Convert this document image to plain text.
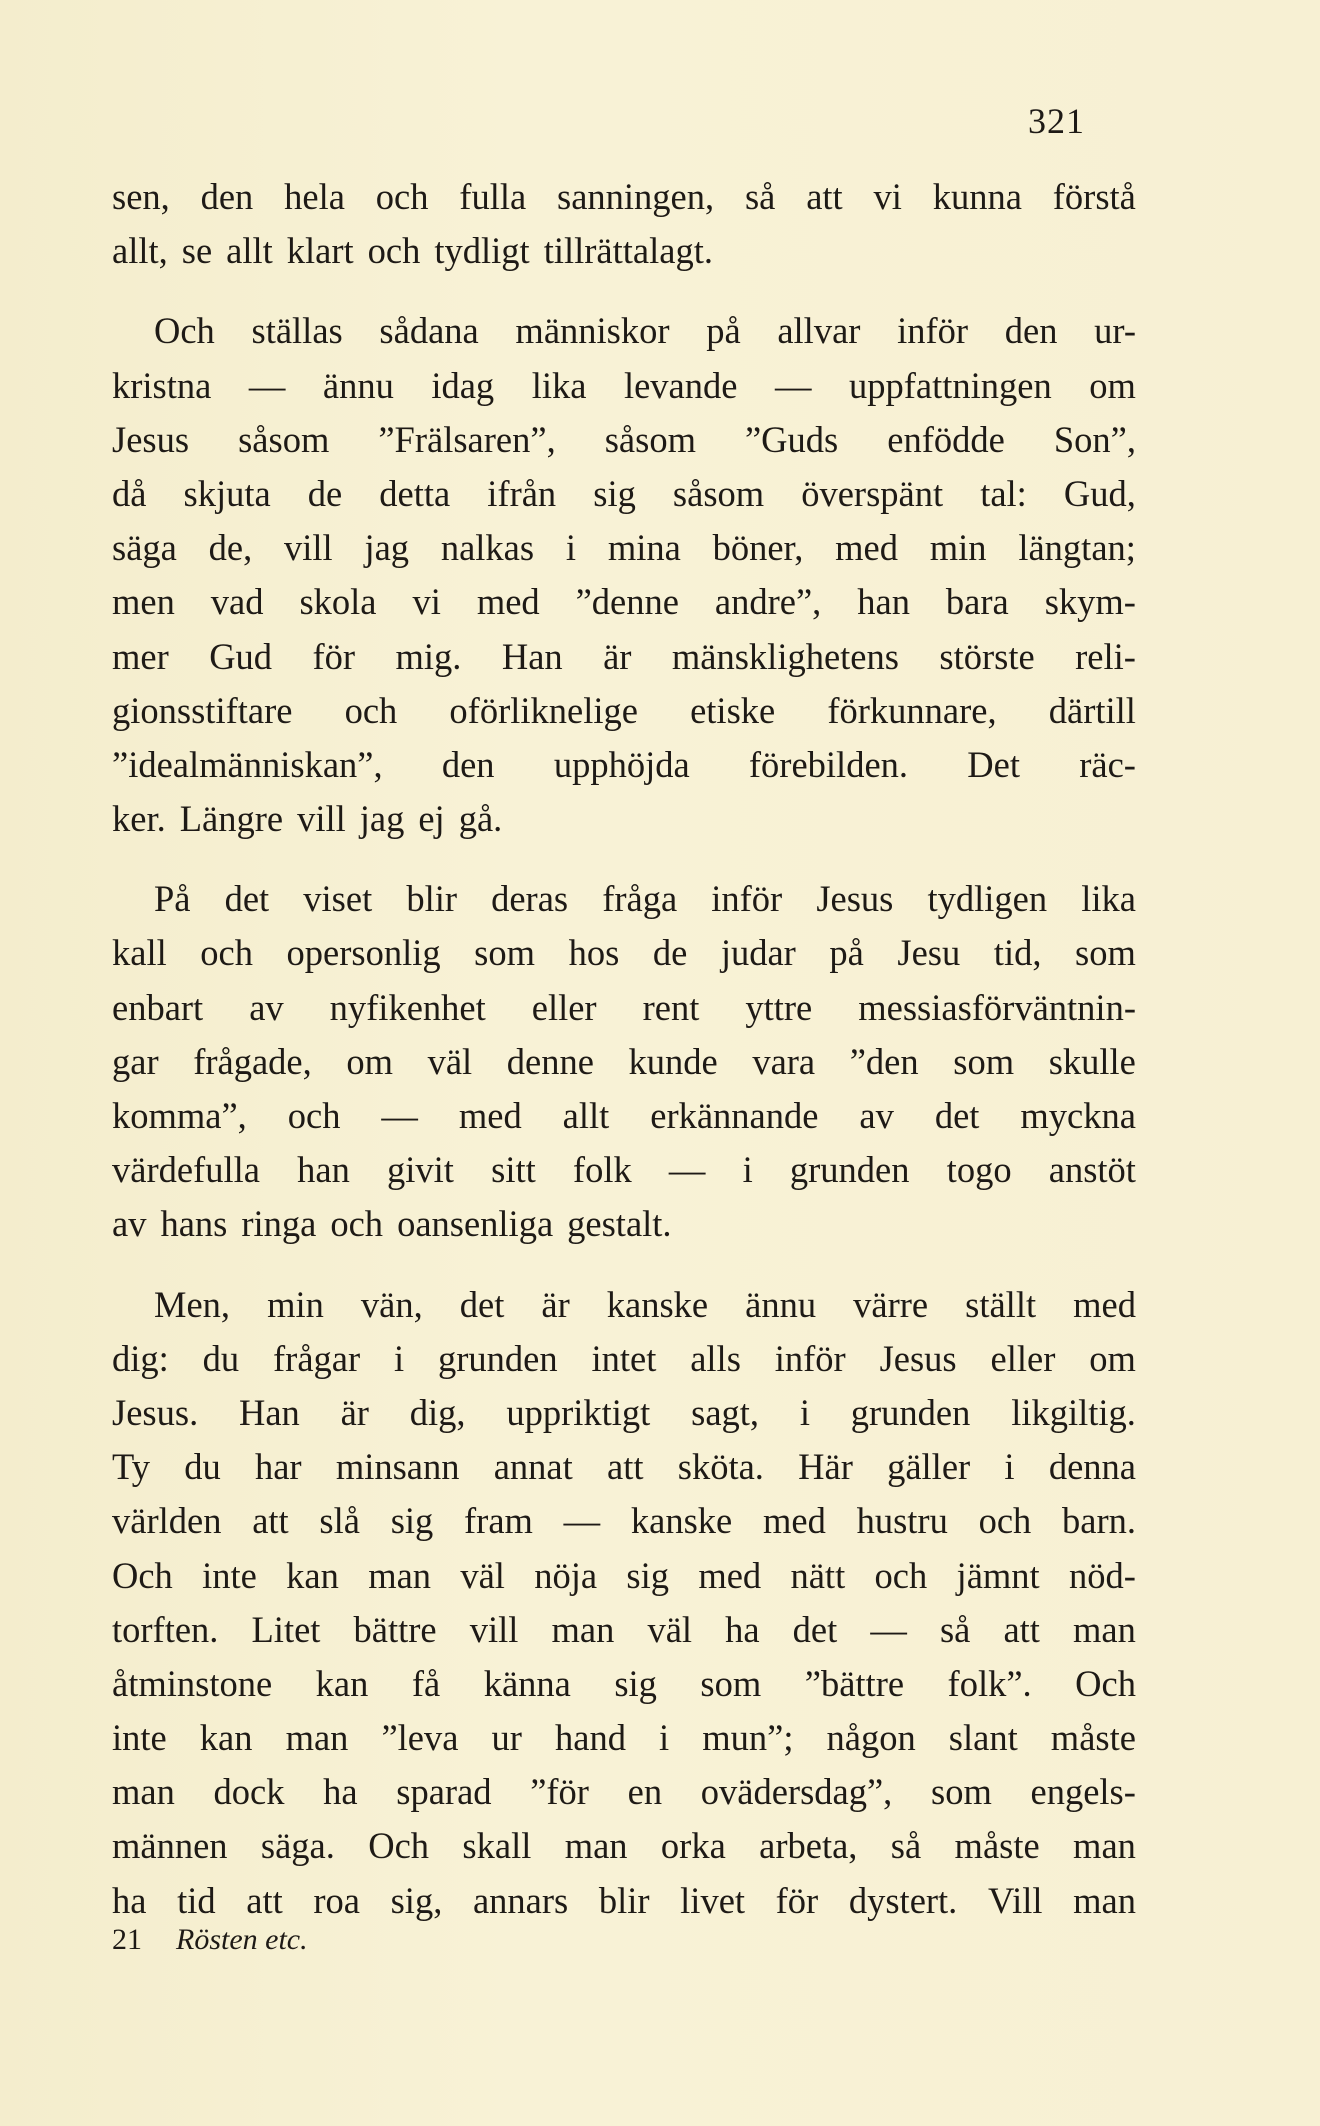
321
sen, den hela och fulla sanningen, så att vi kunna förstå
allt, se allt klart och tydligt tillrättalagt.
Och ställas sådana människor på allvar inför den ur-
kristna — ännu idag lika levande — uppfattningen om
Jesus såsom ”Frälsaren”, såsom ”Guds enfödde Son”,
då skjuta de detta ifrån sig såsom överspänt tal: Gud,
säga de, vill jag nalkas i mina böner, med min längtan;
men vad skola vi med ”denne andre”, han bara skym-
mer Gud för mig. Han är mänsklighetens störste reli-
gionsstiftare och oförliknelige etiske förkunnare, därtill
”idealmänniskan”, den upphöjda förebilden. Det räc-
ker. Längre vill jag ej gå.
På det viset blir deras fråga inför Jesus tydligen lika
kall och opersonlig som hos de judar på Jesu tid, som
enbart av nyfikenhet eller rent yttre messiasförväntnin-
gar frågade, om väl denne kunde vara ”den som skulle
komma”, och — med allt erkännande av det myckna
värdefulla han givit sitt folk — i grunden togo anstöt
av hans ringa och oansenliga gestalt.
Men, min vän, det är kanske ännu värre ställt med
dig: du frågar i grunden intet alls inför Jesus eller om
Jesus. Han är dig, uppriktigt sagt, i grunden likgiltig.
Ty du har minsann annat att sköta. Här gäller i denna
världen att slå sig fram — kanske med hustru och barn.
Och inte kan man väl nöja sig med nätt och jämnt nöd-
torften. Litet bättre vill man väl ha det — så att man
åtminstone kan få känna sig som ”bättre folk”. Och
inte kan man ”leva ur hand i mun”; någon slant måste
man dock ha sparad ”för en ovädersdag”, som engels-
männen säga. Och skall man orka arbeta, så måste man
ha tid att roa sig, annars blir livet för dystert. Vill man
21 Rösten etc.
